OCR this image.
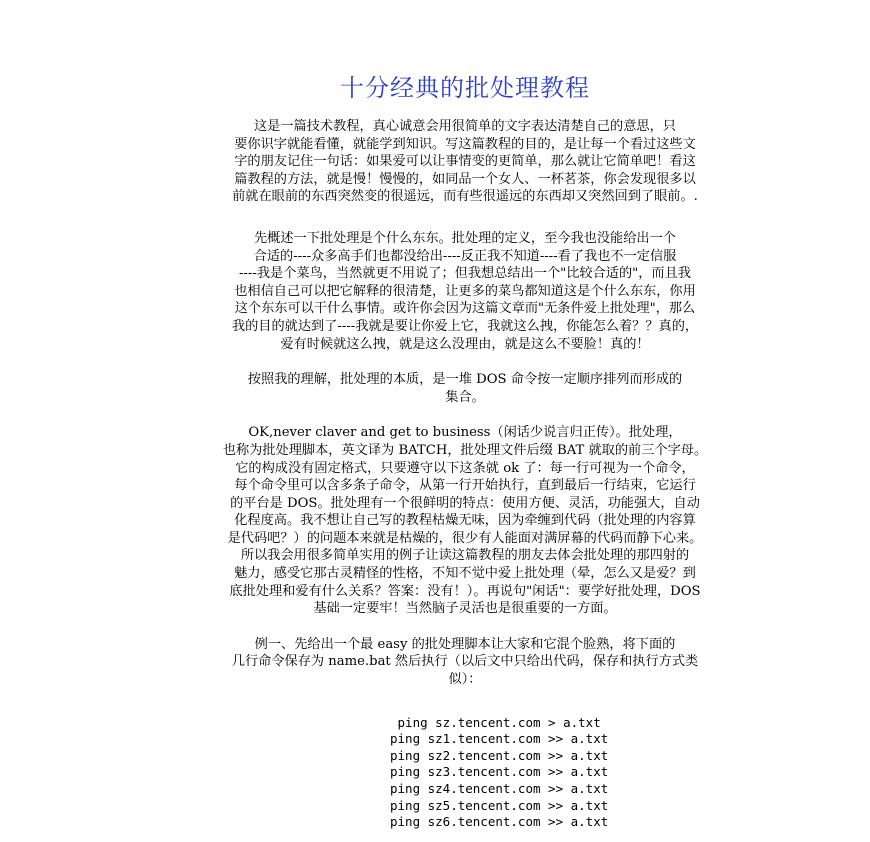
十分经典的批处理教程
这是一篇技术教程，真心诚意会用很简单的文字表达清楚自己的意思，只
要你识字就能看懂，就能学到知识。写这篇教程的目的，是让每一个看过这些文
字的朋友记住一句话：如果爱可以让事情变的更简单，那么就让它简单吧！看这
篇教程的方法，就是慢！慢慢的，如同品一个女人、一杯茗茶，你会发现很多以
前就在眼前的东西突然变的很遥远，而有些很遥远的东西却又突然回到了眼前。.
先概述一下批处理是个什么东东。批处理的定义，至今我也没能给出一个
合适的----众多高手们也都没给出----反正我不知道----看了我也不一定信服
----我是个菜鸟，当然就更不用说了；但我想总结出一个"比较合适的"，而且我
也相信自己可以把它解释的很清楚，让更多的菜鸟都知道这是个什么东东，你用
这个东东可以干什么事情。或许你会因为这篇文章而"无条件爱上批处理"，那么
我的目的就达到了----我就是要让你爱上它，我就这么拽，你能怎么着？？真的，
爱有时候就这么拽，就是这么没理由，就是这么不要脸！真的！
按照我的理解，批处理的本质，是一堆 DOS 命令按一定顺序排列而形成的
集合。
OK,never claver and get to business（闲话少说言归正传）。批处理，
也称为批处理脚本，英文译为 BATCH，批处理文件后缀 BAT 就取的前三个字母。
它的构成没有固定格式，只要遵守以下这条就 ok 了：每一行可视为一个命令，
每个命令里可以含多条子命令，从第一行开始执行，直到最后一行结束，它运行
的平台是 DOS。批处理有一个很鲜明的特点：使用方便、灵活，功能强大，自动
化程度高。我不想让自己写的教程枯燥无味，因为牵缠到代码（批处理的内容算
是代码吧？）的问题本来就是枯燥的，很少有人能面对满屏幕的代码而静下心来。
所以我会用很多简单实用的例子让读这篇教程的朋友去体会批处理的那四射的
魅力，感受它那古灵精怪的性格，不知不觉中爱上批处理（晕，怎么又是爱？到
底批处理和爱有什么关系？答案：没有！）。再说句"闲话"：要学好批处理，DOS
基础一定要牢！当然脑子灵活也是很重要的一方面。
例一、先给出一个最 easy 的批处理脚本让大家和它混个脸熟，将下面的
几行命令保存为 name.bat 然后执行（以后文中只给出代码，保存和执行方式类
似）：
ping sz.tencent.com > a.txt
ping sz1.tencent.com >> a.txt
ping sz2.tencent.com >> a.txt
ping sz3.tencent.com >> a.txt
ping sz4.tencent.com >> a.txt
ping sz5.tencent.com >> a.txt
ping sz6.tencent.com >> a.txt
